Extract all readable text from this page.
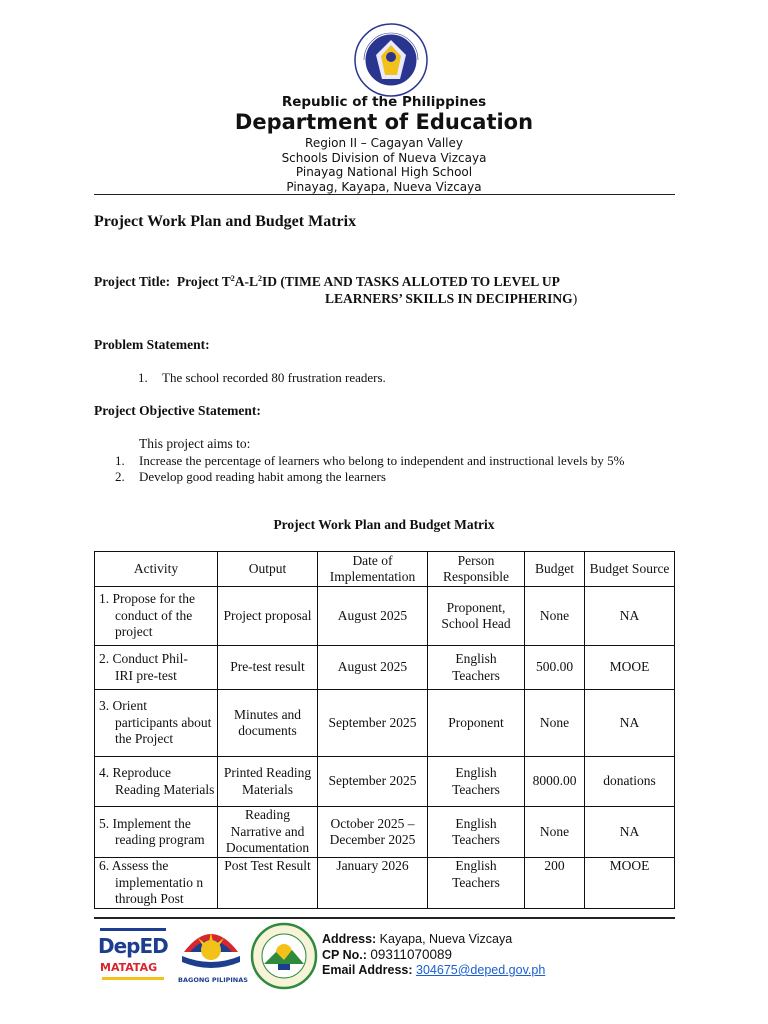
Republic of the Philippines
Department of Education
Region II – Cagayan Valley
Schools Division of Nueva Vizcaya
Pinayag National High School
Pinayag, Kayapa, Nueva Vizcaya
Project Work Plan and Budget Matrix
Project Title: Project $T^2A-L^2ID$ (TIME AND TASKS ALLOTED TO LEVEL UP
LEARNERS’ SKILLS IN DECIPHERING)
Problem Statement:
1. The school recorded 80 frustration readers.
Project Objective Statement:
This project aims to:
1. Increase the percentage of learners who belong to independent and instructional levels by 5%
2. Develop good reading habit among the learners
Project Work Plan and Budget Matrix
Activity	Output	Date of Implementation	Person Responsible	Budget	Budget Source
1. Propose for the
conduct of the project	Project proposal	August 2025	Proponent, School Head	None	NA
2. Conduct Phil-
IRI pre-test	Pre-test result	August 2025	English Teachers	500.00	MOOE
3. Orient
participants about the Project	Minutes and documents	September 2025	Proponent	None	NA
4. Reproduce
Reading Materials	Printed Reading Materials	September 2025	English Teachers	8000.00	donations
5. Implement the
reading program	Reading Narrative and Documentation	October 2025 – December 2025	English Teachers	None	NA
6. Assess the
implementatio n through Post	Post Test Result	January 2026	English Teachers	200	MOOE
DepED
MATATAG
BAGONG PILIPINAS
Address: Kayapa, Nueva Vizcaya
CP No.: 09311070089
Email Address: 304675@deped.gov.ph
